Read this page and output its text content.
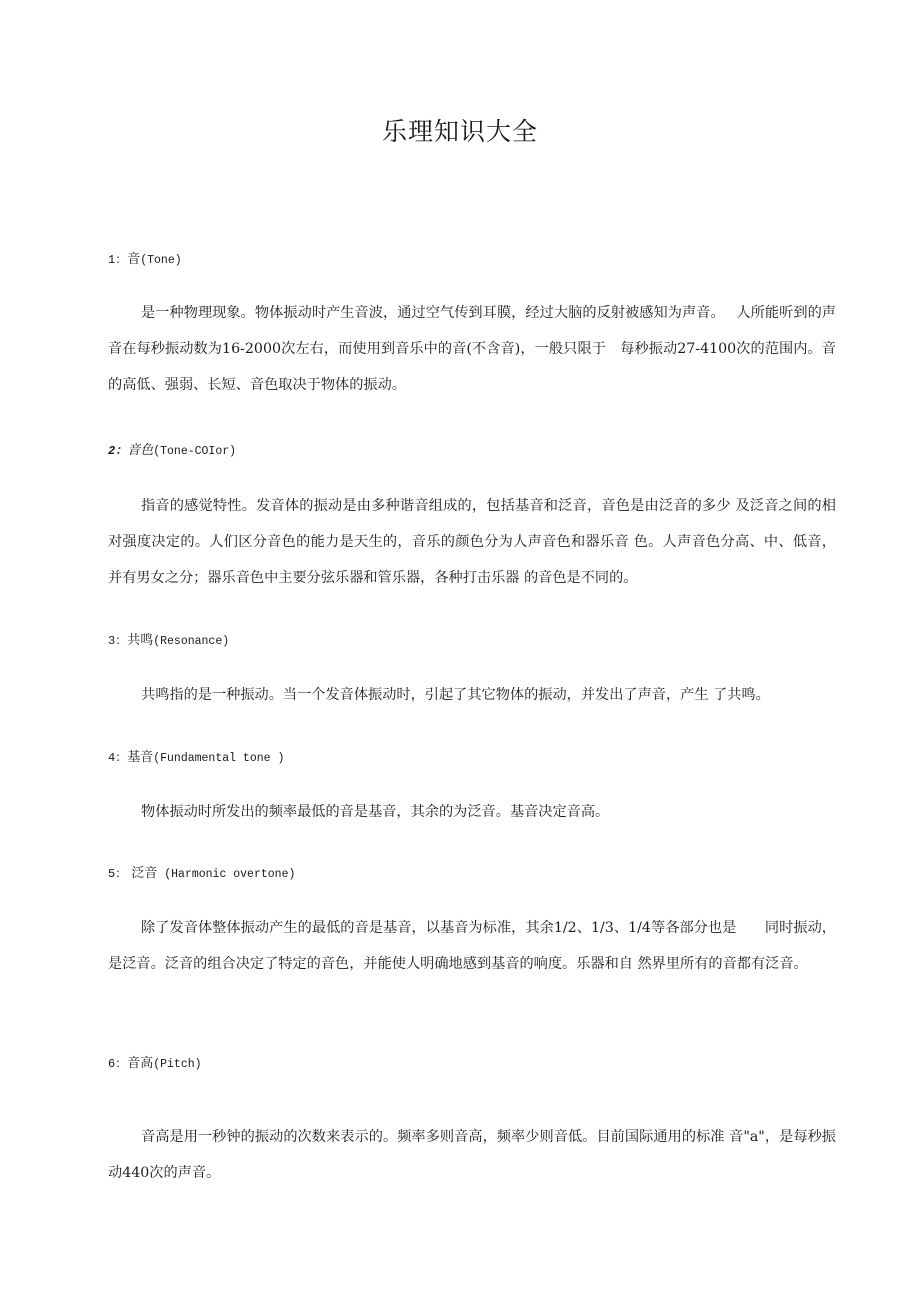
乐理知识大全

1：音(Tone)

是一种物理现象。物体振动时产生音波，通过空气传到耳膜，经过大脑的反射被感知为声音。　 人所能听到的声音在每秒振动数为16-2000次左右，而使用到音乐中的音(不含音)，一般只限于　每秒振动27-4100次的范围内。音的高低、强弱、长短、音色取决于物体的振动。

2：音色(Tone-COIor)

指音的感觉特性。发音体的振动是由多种谐音组成的，包括基音和泛音，音色是由泛音的多少 及泛音之间的相对强度决定的。人们区分音色的能力是天生的，音乐的颜色分为人声音色和器乐音 色。人声音色分高、中、低音，并有男女之分；器乐音色中主要分弦乐器和管乐器，各种打击乐器 的音色是不同的。

3：共鸣(Resonance)

共鸣指的是一种振动。当一个发音体振动时，引起了其它物体的振动，并发出了声音，产生 了共鸣。

4：基音(Fundamental tone )

物体振动时所发出的频率最低的音是基音，其余的为泛音。基音决定音高。

5： 泛音 (Harmonic overtone)

除了发音体整体振动产生的最低的音是基音，以基音为标准，其余1/2、1/3、1/4等各部分也是　　同时振动，是泛音。泛音的组合决定了特定的音色，并能使人明确地感到基音的响度。乐器和自 然界里所有的音都有泛音。

6：音高(Pitch)

音高是用一秒钟的振动的次数来表示的。频率多则音高，频率少则音低。目前国际通用的标准 音"a"，是每秒振动440次的声音。
